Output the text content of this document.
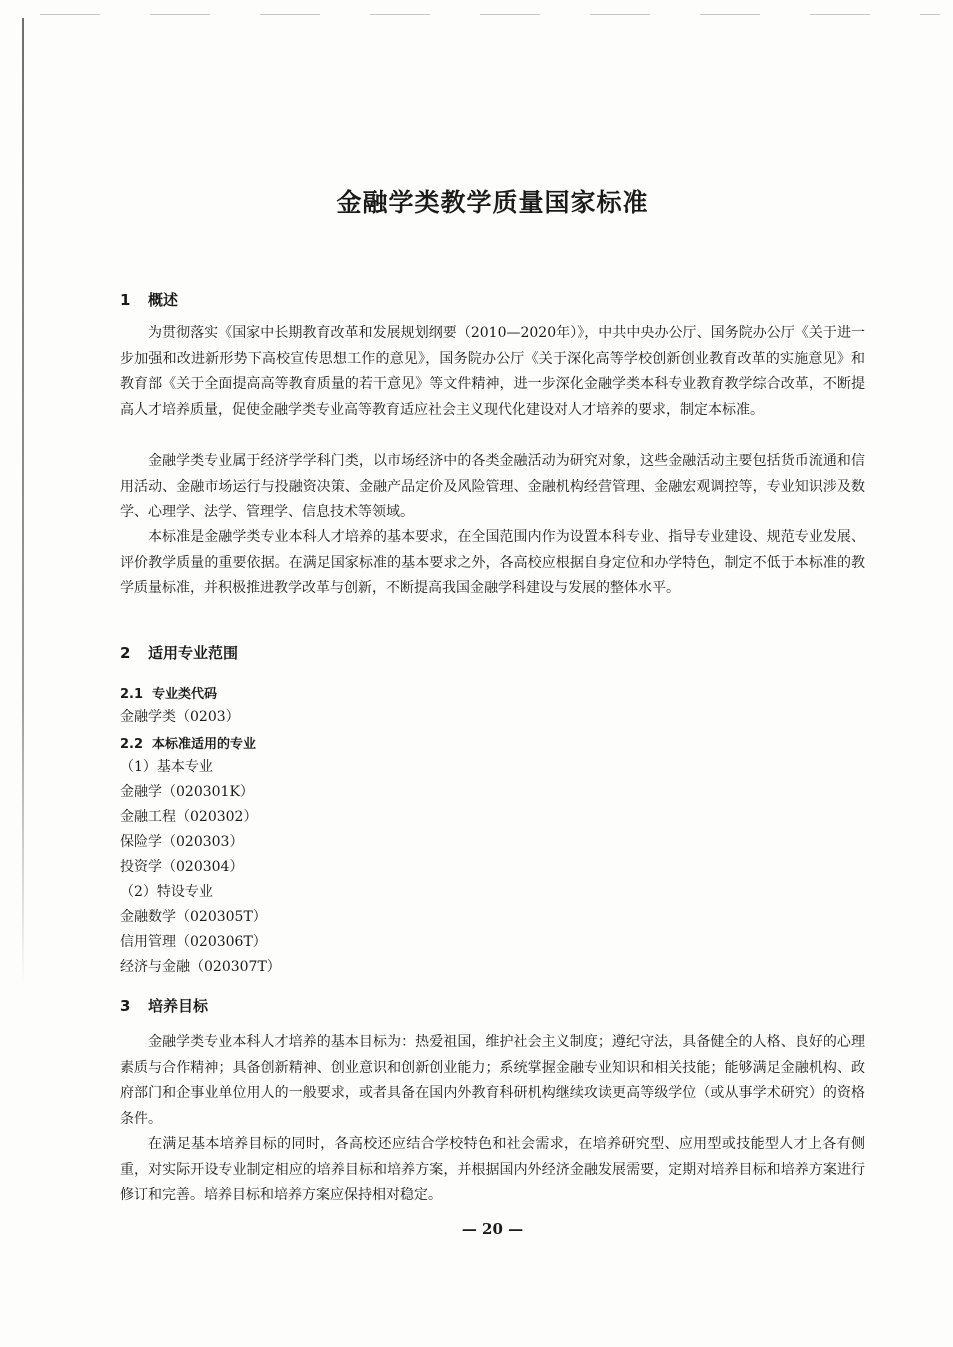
金融学类教学质量国家标准
1 概述

为贯彻落实《国家中长期教育改革和发展规划纲要（2010—2020年）》，中共中央办公厅、国务院办公厅《关于进一步加强和改进新形势下高校宣传思想工作的意见》，国务院办公厅《关于深化高等学校创新创业教育改革的实施意见》和教育部《关于全面提高高等教育质量的若干意见》等文件精神，进一步深化金融学类本科专业教育教学综合改革，不断提高人才培养质量，促使金融学类专业高等教育适应社会主义现代化建设对人才培养的要求，制定本标准。

金融学类专业属于经济学学科门类，以市场经济中的各类金融活动为研究对象，这些金融活动主要包括货币流通和信用活动、金融市场运行与投融资决策、金融产品定价及风险管理、金融机构经营管理、金融宏观调控等，专业知识涉及数学、心理学、法学、管理学、信息技术等领域。

本标准是金融学类专业本科人才培养的基本要求，在全国范围内作为设置本科专业、指导专业建设、规范专业发展、评价教学质量的重要依据。在满足国家标准的基本要求之外，各高校应根据自身定位和办学特色，制定不低于本标准的教学质量标准，并积极推进教学改革与创新，不断提高我国金融学科建设与发展的整体水平。

2 适用专业范围
2.1 专业类代码

金融学类（0203）

2.2 本标准适用的专业

（1）基本专业

金融学（020301K）

金融工程（020302）

保险学（020303）

投资学（020304）

（2）特设专业

金融数学（020305T）

信用管理（020306T）

经济与金融（020307T）

3 培养目标

金融学类专业本科人才培养的基本目标为：热爱祖国，维护社会主义制度；遵纪守法，具备健全的人格、良好的心理素质与合作精神；具备创新精神、创业意识和创新创业能力；系统掌握金融专业知识和相关技能；能够满足金融机构、政府部门和企事业单位用人的一般要求，或者具备在国内外教育科研机构继续攻读更高等级学位（或从事学术研究）的资格条件。

在满足基本培养目标的同时，各高校还应结合学校特色和社会需求，在培养研究型、应用型或技能型人才上各有侧重，对实际开设专业制定相应的培养目标和培养方案，并根据国内外经济金融发展需要，定期对培养目标和培养方案进行修订和完善。培养目标和培养方案应保持相对稳定。

— 20 —
